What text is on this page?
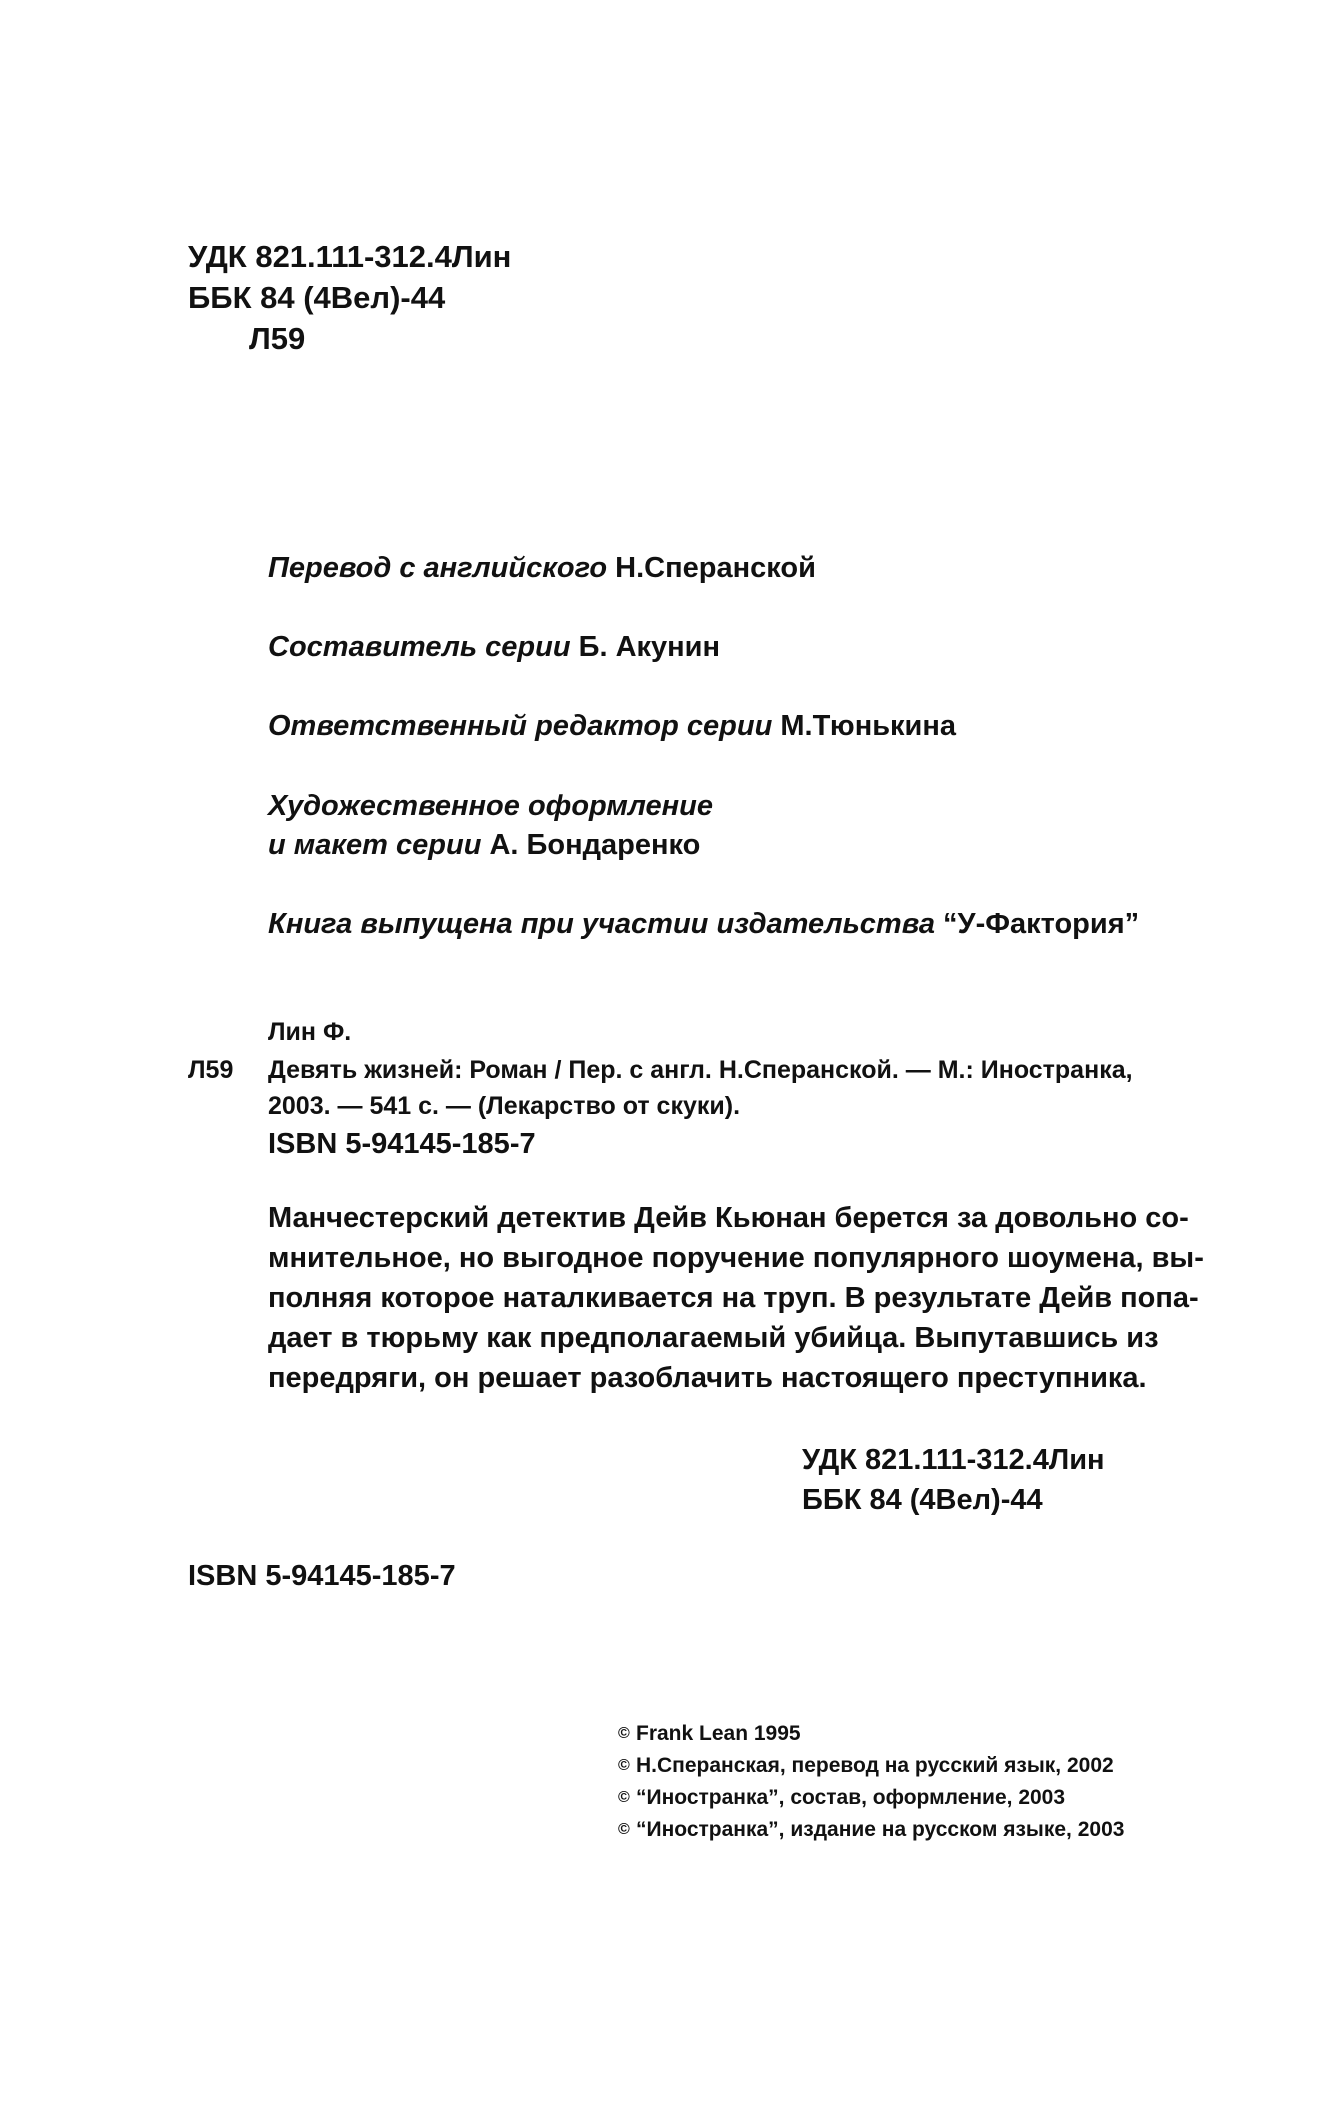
УДК 821.111-312.4Лин
ББК 84 (4Вел)-44
Л59
Перевод с английского Н.Сперанской
Составитель серии Б. Акунин
Ответственный редактор серии М.Тюнькина
Художественное оформление
и макет серии А. Бондаренко
Книга выпущена при участии издательства “У-Фактория”
Лин Ф.
Л59 Девять жизней: Роман / Пер. с англ. Н.Сперанской. — М.: Иностранка,
2003. — 541 с. — (Лекарство от скуки).
ISBN 5-94145-185-7
Манчестерский детектив Дейв Кьюнан берется за довольно со-
мнительное, но выгодное поручение популярного шоумена, вы-
полняя которое наталкивается на труп. В результате Дейв попа-
дает в тюрьму как предполагаемый убийца. Выпутавшись из
передряги, он решает разоблачить настоящего преступника.
УДК 821.111-312.4Лин
ББК 84 (4Вел)-44
ISBN 5-94145-185-7
© Frank Lean 1995
© Н.Сперанская, перевод на русский язык, 2002
© “Иностранка”, состав, оформление, 2003
© “Иностранка”, издание на русском языке, 2003
